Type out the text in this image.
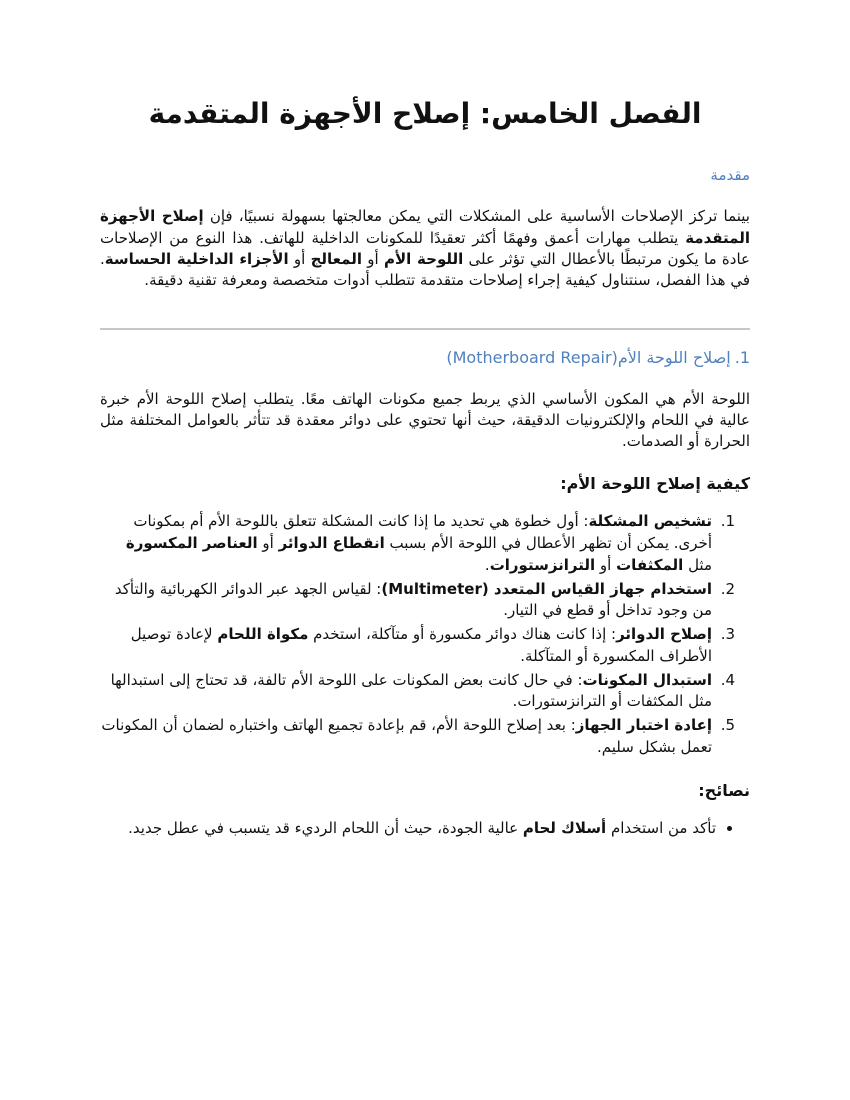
الفصل الخامس: إصلاح الأجهزة المتقدمة
مقدمة

بينما تركز الإصلاحات الأساسية على المشكلات التي يمكن معالجتها بسهولة نسبيًا، فإن إصلاح الأجهزة المتقدمة يتطلب مهارات أعمق وفهمًا أكثر تعقيدًا للمكونات الداخلية للهاتف. هذا النوع من الإصلاحات عادة ما يكون مرتبطًا بالأعطال التي تؤثر على اللوحة الأم أو المعالج أو الأجزاء الداخلية الحساسة. في هذا الفصل، سنتناول كيفية إجراء إصلاحات متقدمة تتطلب أدوات متخصصة ومعرفة تقنية دقيقة.

1.إصلاح اللوحة الأم(Motherboard Repair)

اللوحة الأم هي المكون الأساسي الذي يربط جميع مكونات الهاتف معًا. يتطلب إصلاح اللوحة الأم خبرة عالية في اللحام والإلكترونيات الدقيقة، حيث أنها تحتوي على دوائر معقدة قد تتأثر بالعوامل المختلفة مثل الحرارة أو الصدمات.

كيفية إصلاح اللوحة الأم:
1. تشخيص المشكلة: أول خطوة هي تحديد ما إذا كانت المشكلة تتعلق باللوحة الأم أم بمكونات أخرى. يمكن أن تظهر الأعطال في اللوحة الأم بسبب انقطاع الدوائر أو العناصر المكسورة مثل المكثفات أو الترانزستورات.
2. استخدام جهاز القياس المتعدد (Multimeter): لقياس الجهد عبر الدوائر الكهربائية والتأكد من وجود تداخل أو قطع في التيار.
3. إصلاح الدوائر: إذا كانت هناك دوائر مكسورة أو متآكلة، استخدم مكواة اللحام لإعادة توصيل الأطراف المكسورة أو المتآكلة.
4. استبدال المكونات: في حال كانت بعض المكونات على اللوحة الأم تالفة، قد تحتاج إلى استبدالها مثل المكثفات أو الترانزستورات.
5. إعادة اختبار الجهاز: بعد إصلاح اللوحة الأم، قم بإعادة تجميع الهاتف واختباره لضمان أن المكونات تعمل بشكل سليم.
نصائح:
• تأكد من استخدام أسلاك لحام عالية الجودة، حيث أن اللحام الرديء قد يتسبب في عطل جديد.
